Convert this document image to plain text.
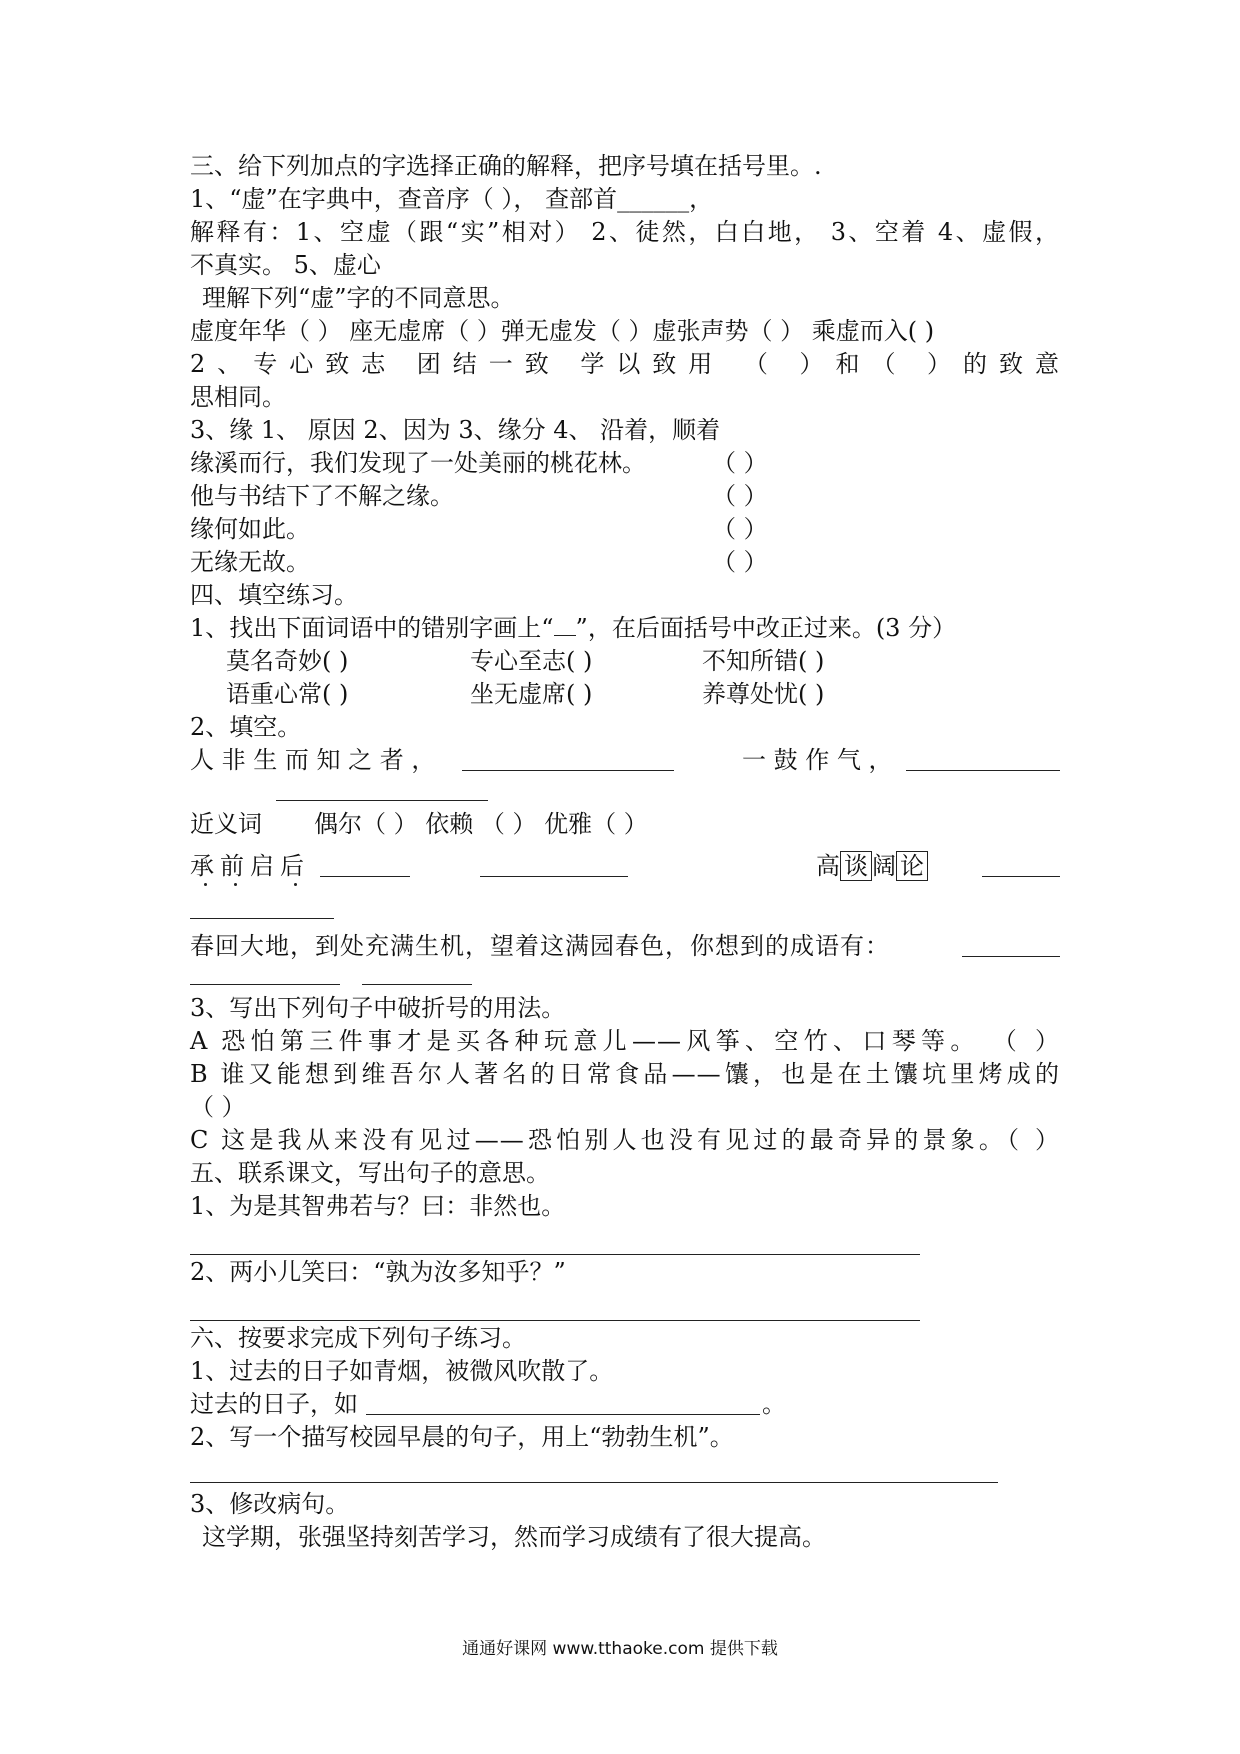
三、给下列加点的字选择正确的解释，把序号填在括号里。.
1、“虚”在字典中，查音序（ ）， 查部首______，
解释有：1、空虚（跟“实”相对） 2、徒然，白白地， 3、空着 4、虚假，
不真实。 5、虚心
理解下列“虚”字的不同意思。
虚度年华（ ） 座无虚席（ ）弹无虚发（ ）虚张声势（ ） 乘虚而入( )
2、专心致志 团结一致 学以致用 （ ）和（ ）的致意
思相同。
3、缘 1、 原因 2、因为 3、缘分 4、 沿着，顺着
缘溪而行，我们发现了一处美丽的桃花林。	（ ）
他与书结下了不解之缘。	（ ）
缘何如此。	（ ）
无缘无故。	（ ）
四、填空练习。
1、找出下面词语中的错别字画上“ ”，在后面括号中改正过来。(3 分）
莫名奇妙( )	专心至志( )	不知所错( )
语重心常( )	坐无虚席( )	养尊处忧( )
2、填空。
人 非 生 而 知 之 者 ，	一 鼓 作 气 ，
近义词 偶尔（ ） 依赖 （ ） 优雅（ ）
承前启后	高 谈 阔 论
春回大地，到处充满生机，望着这满园春色，你想到的成语有：
3、写出下列句子中破折号的用法。
A 恐怕第三件事才是买各种玩意儿——风筝、空竹、口琴等。 （ ）
B 谁又能想到维吾尔人著名的日常食品——馕，也是在土馕坑里烤成的
（ ）
C 这是我从来没有见过——恐怕别人也没有见过的最奇异的景象。（ ）
五、联系课文，写出句子的意思。
1、为是其智弗若与？曰：非然也。
2、两小儿笑曰：“孰为汝多知乎？”
六、按要求完成下列句子练习。
1、过去的日子如青烟，被微风吹散了。
过去的日子，如	。
2、写一个描写校园早晨的句子，用上“勃勃生机”。
3、修改病句。
这学期，张强坚持刻苦学习，然而学习成绩有了很大提高。
通通好课网 www.tthaoke.com 提供下载
